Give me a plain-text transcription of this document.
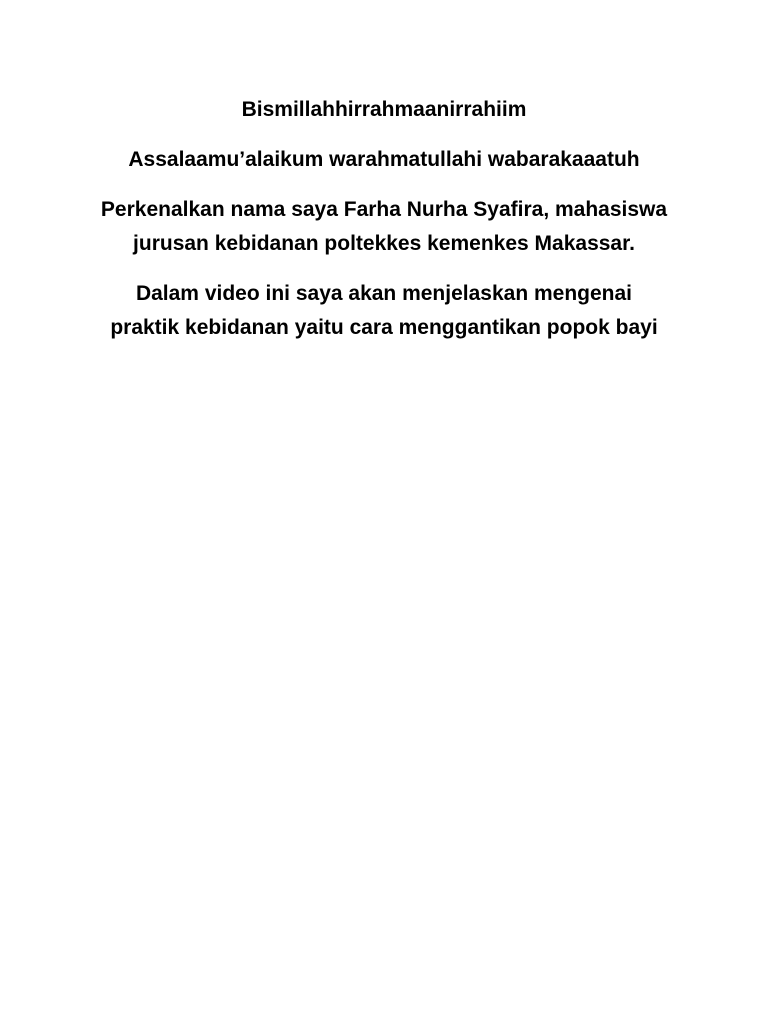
Bismillahhirrahmaanirrahiim

Assalaamu’alaikum warahmatullahi wabarakaaatuh

Perkenalkan nama saya Farha Nurha Syafira, mahasiswa
jurusan kebidanan poltekkes kemenkes Makassar.

Dalam video ini saya akan menjelaskan mengenai
praktik kebidanan yaitu cara menggantikan popok bayi
